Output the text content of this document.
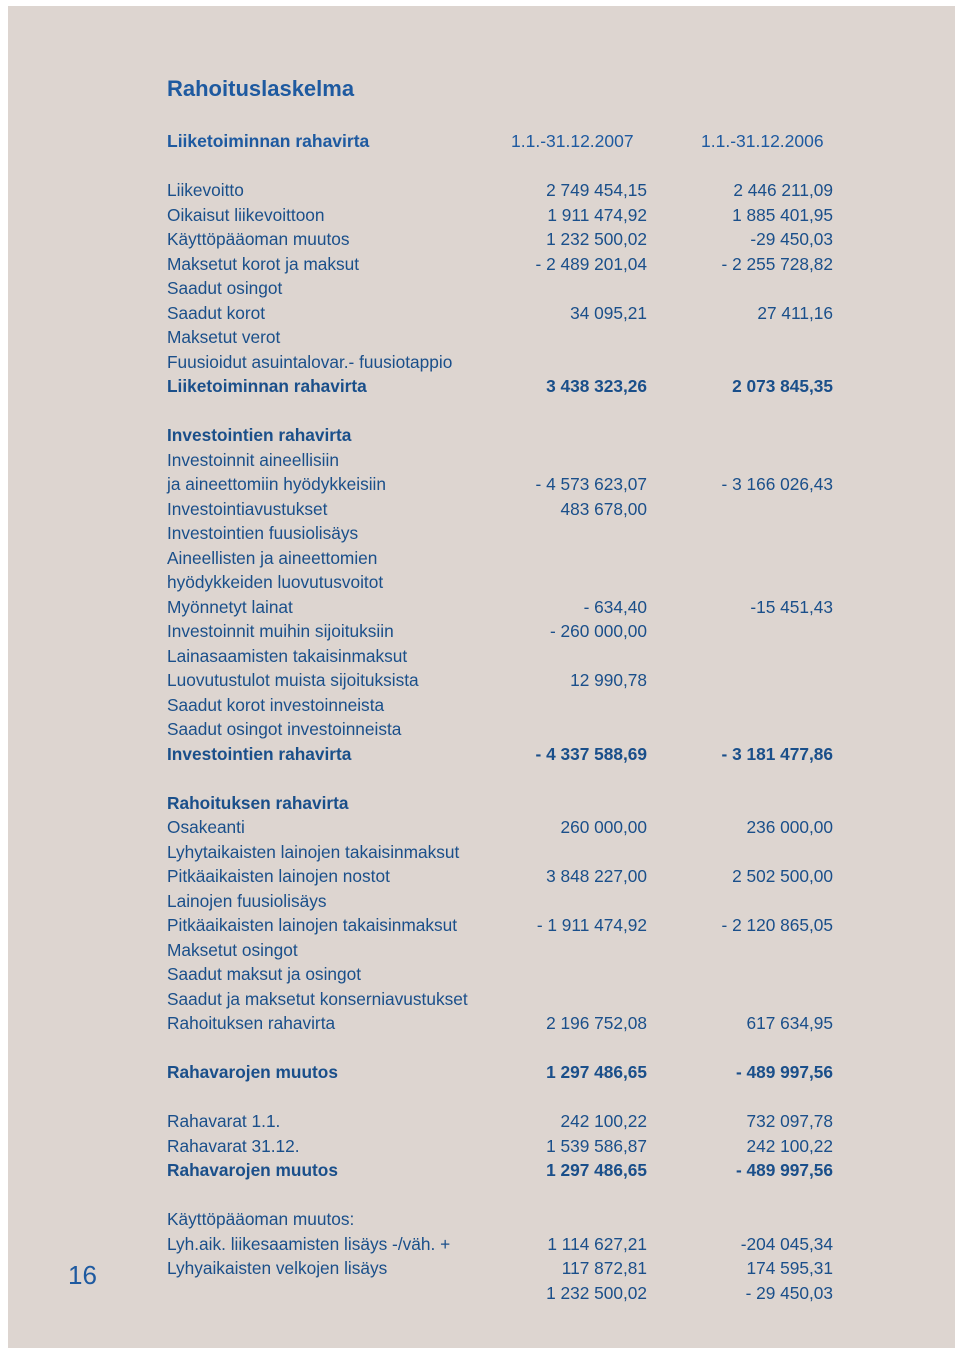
Rahoituslaskelma
Liiketoiminnan rahavirta	1.1.-31.12.2007	1.1.-31.12.2006
Liikevoitto	2 749 454,15	2 446 211,09
Oikaisut liikevoittoon	1 911 474,92	1 885 401,95
Käyttöpääoman muutos	1 232 500,02	-29 450,03
Maksetut korot ja maksut	- 2 489 201,04	- 2 255 728,82
Saadut osingot
Saadut korot	34 095,21	27 411,16
Maksetut verot
Fuusioidut asuintalovar.- fuusiotappio
Liiketoiminnan rahavirta	3 438 323,26	2 073 845,35
Investointien rahavirta
Investoinnit aineellisiin
ja aineettomiin hyödykkeisiin	- 4 573 623,07	- 3 166 026,43
Investointiavustukset	483 678,00
Investointien fuusiolisäys
Aineellisten ja aineettomien
hyödykkeiden luovutusvoitot
Myönnetyt lainat	- 634,40	-15 451,43
Investoinnit muihin sijoituksiin	- 260 000,00
Lainasaamisten takaisinmaksut
Luovutustulot muista sijoituksista	12 990,78
Saadut korot investoinneista
Saadut osingot investoinneista
Investointien rahavirta	- 4 337 588,69	- 3 181 477,86
Rahoituksen rahavirta
Osakeanti	260 000,00	236 000,00
Lyhytaikaisten lainojen takaisinmaksut
Pitkäaikaisten lainojen nostot	3 848 227,00	2 502 500,00
Lainojen fuusiolisäys
Pitkäaikaisten lainojen takaisinmaksut	- 1 911 474,92	- 2 120 865,05
Maksetut osingot
Saadut maksut ja osingot
Saadut ja maksetut konserniavustukset
Rahoituksen rahavirta	2 196 752,08	617 634,95
Rahavarojen muutos	1 297 486,65	- 489 997,56
Rahavarat 1.1.	242 100,22	732 097,78
Rahavarat 31.12.	1 539 586,87	242 100,22
Rahavarojen muutos	1 297 486,65	- 489 997,56
Käyttöpääoman muutos:
Lyh.aik. liikesaamisten lisäys -/väh. +	1 114 627,21	-204 045,34
Lyhyaikaisten velkojen lisäys	117 872,81	174 595,31
1 232 500,02	- 29 450,03
16
